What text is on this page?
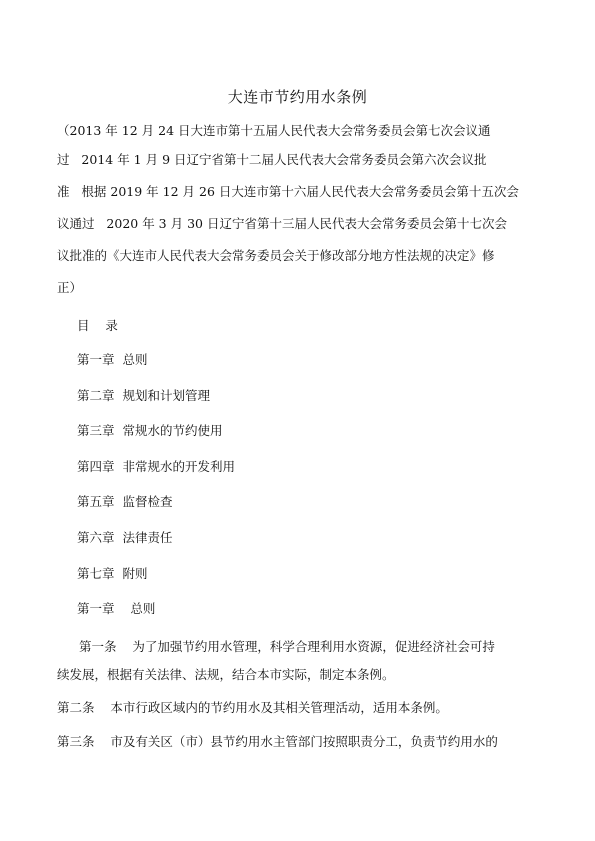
大连市节约用水条例
（2013 年 12 月 24 日大连市第十五届人民代表大会常务委员会第七次会议通
过   2014 年 1 月 9 日辽宁省第十二届人民代表大会常务委员会第六次会议批
准   根据 2019 年 12 月 26 日大连市第十六届人民代表大会常务委员会第十五次会
议通过   2020 年 3 月 30 日辽宁省第十三届人民代表大会常务委员会第十七次会
议批准的《大连市人民代表大会常务委员会关于修改部分地方性法规的决定》修
正）
目    录
第一章  总则
第二章  规划和计划管理
第三章  常规水的节约使用
第四章  非常规水的开发利用
第五章  监督检查
第六章  法律责任
第七章  附则
第一章    总则
第一条    为了加强节约用水管理，科学合理利用水资源，促进经济社会可持
续发展，根据有关法律、法规，结合本市实际，制定本条例。
第二条    本市行政区域内的节约用水及其相关管理活动，适用本条例。
第三条    市及有关区（市）县节约用水主管部门按照职责分工，负责节约用水的
